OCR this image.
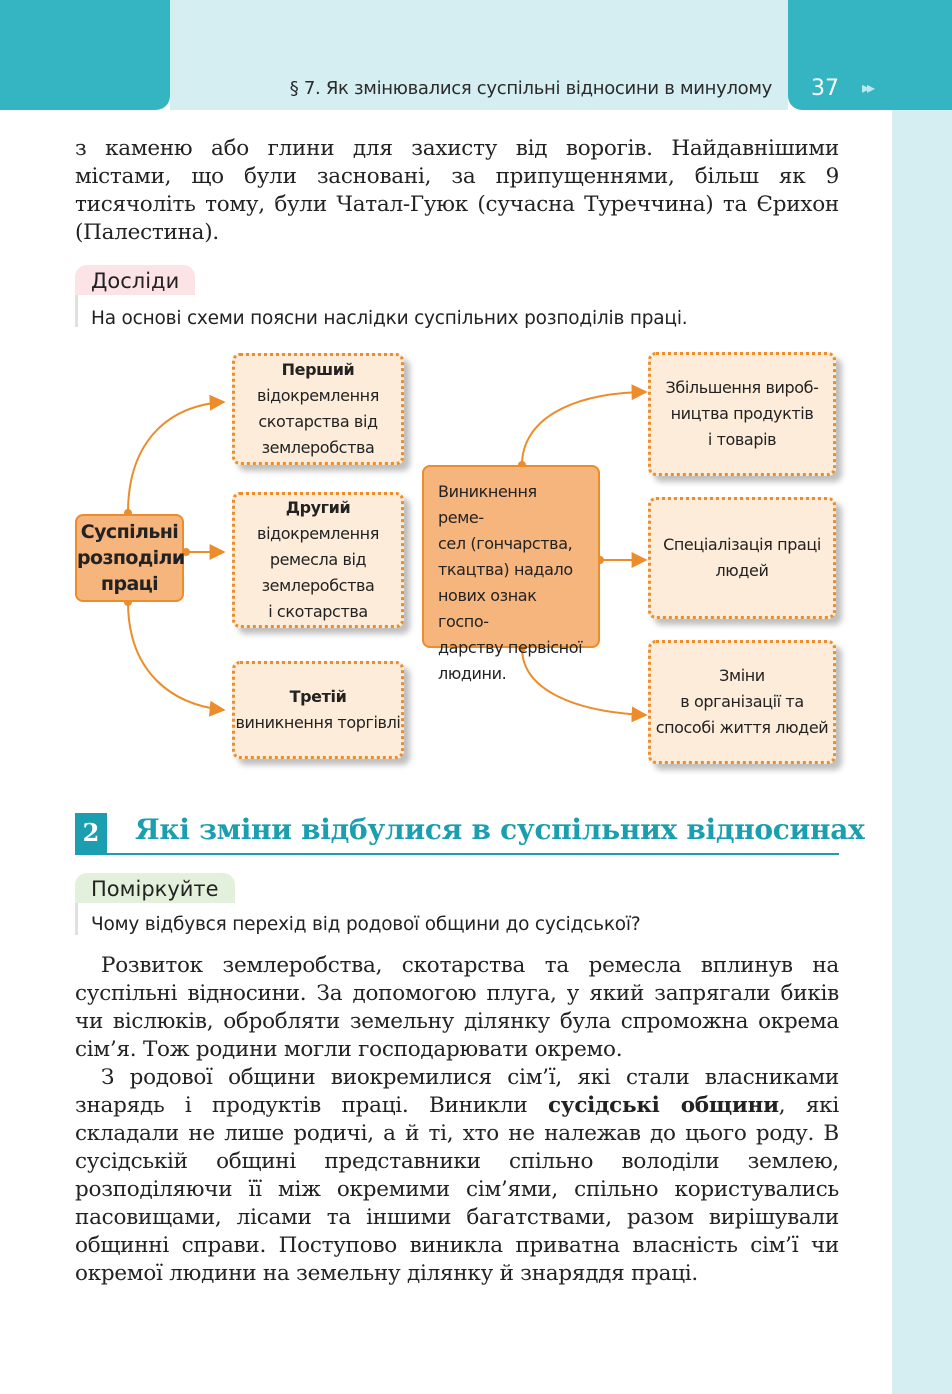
§ 7. Як змінювалися суспільні відносини в минулому	37	▸▸
з каменю або глини для захисту від ворогів. Найдавнішими містами, що були засновані, за припущеннями, більш як 9 тисячоліть тому, були Чатал-Гуюк (сучасна Туреччина) та Єрихон (Палестина).
Досліди
На основі схеми поясни наслідки суспільних розподілів праці.
Суспільні
розподіли
праці
Перший
відокремлення
скотарства від
землеробства
Другий
відокремлення
ремесла від
землеробства
і скотарства
Третій
виникнення торгівлі
Виникнення реме-
сел (гончарства,
ткацтва) надало
нових ознак госпо-
дарству первісної
людини.
Збільшення вироб-
ництва продуктів
і товарів
Спеціалізація праці
людей
Зміни
в організації та
способі життя людей
2 Які зміни відбулися в суспільних відносинах
Поміркуйте
Чому відбувся перехід від родової общини до сусідської?
Розвиток землеробства, скотарства та ремесла вплинув на суспільні відносини. За допомогою плуга, у який запрягали биків чи віслюків, обробляти земельну ділянку була спроможна окрема сім’я. Тож родини могли господарювати окремо.
З родової общини виокремилися сім’ї, які стали власниками знарядь і продуктів праці. Виникли сусідські общини, які складали не лише родичі, а й ті, хто не належав до цього роду. В сусідській общині представники спільно володіли землею, розподіляючи її між окремими сім’ями, спільно користувались пасовищами, лісами та іншими багатствами, разом вирішували общинні справи. Поступово виникла приватна власність сім’ї чи окремої людини на земельну ділянку й знаряддя праці.
